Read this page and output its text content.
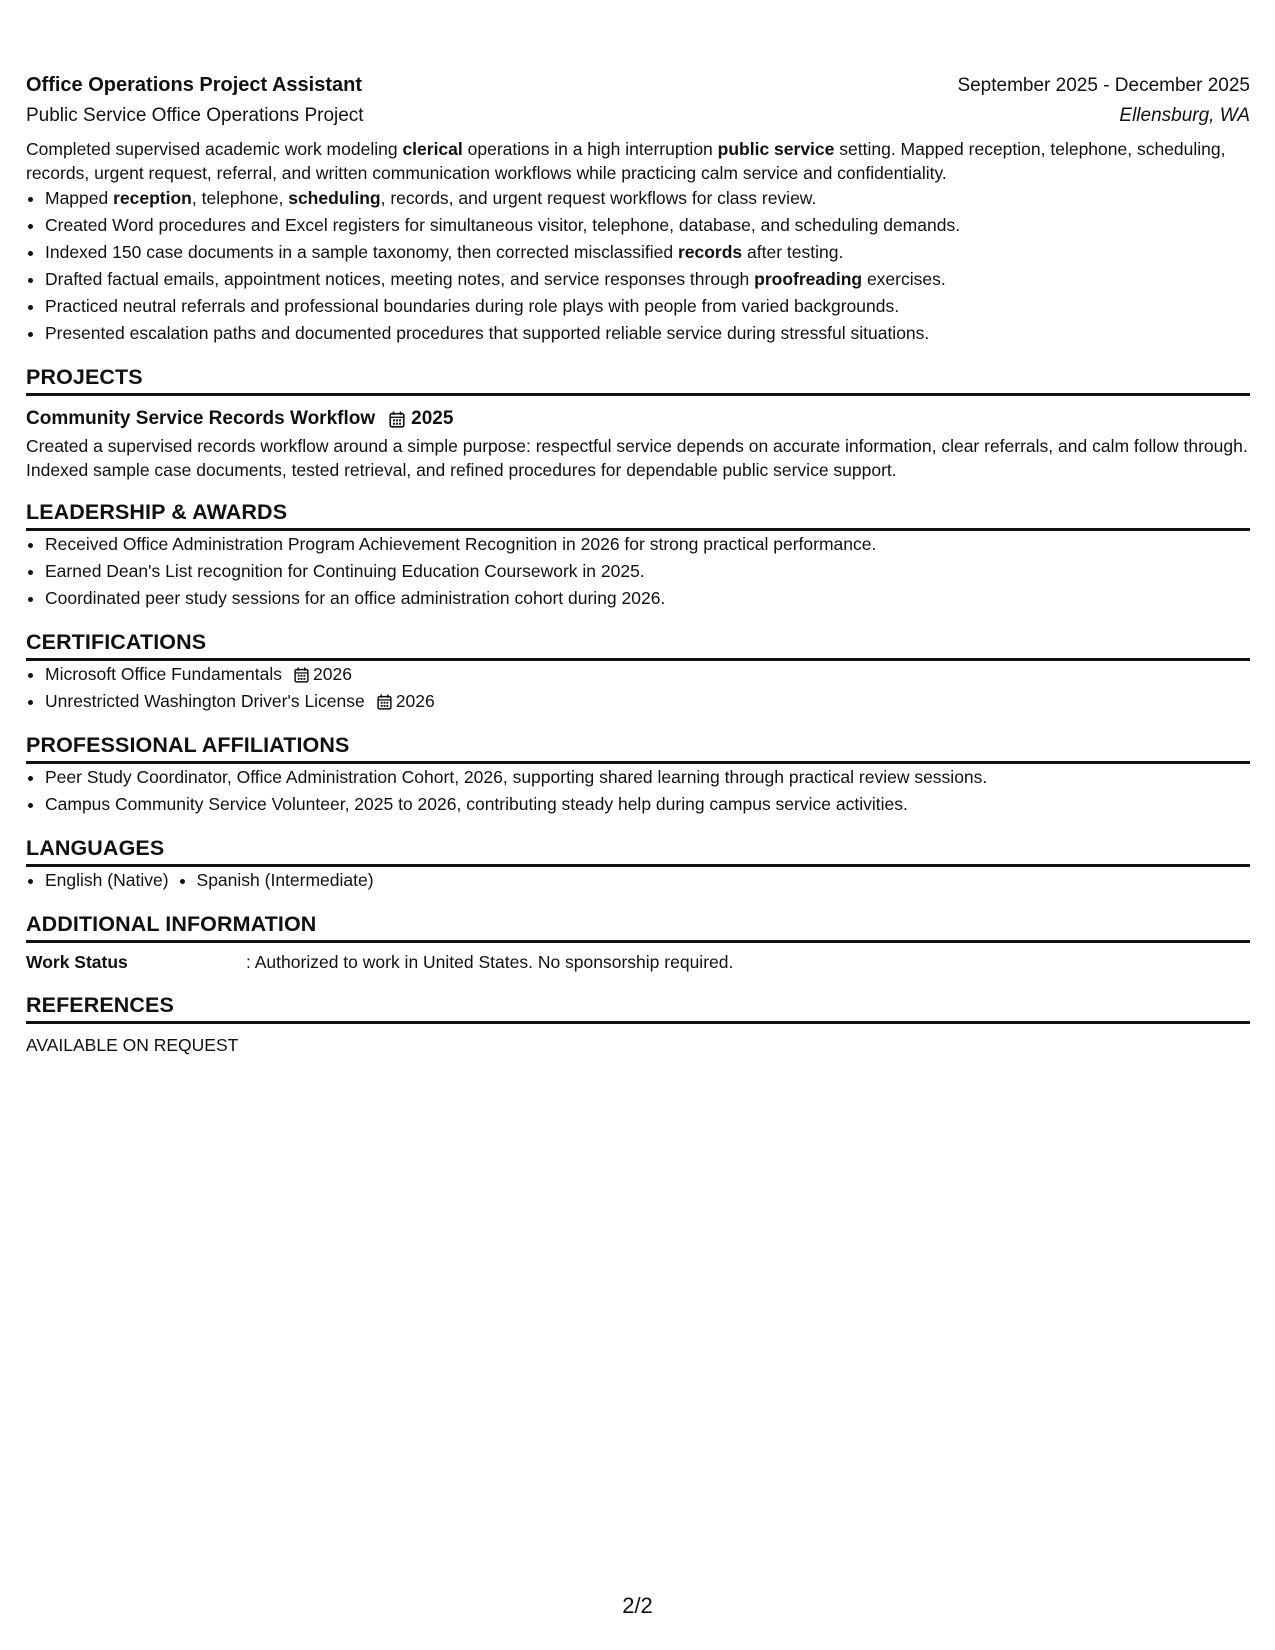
Office Operations Project Assistant	September 2025 - December 2025
Public Service Office Operations Project	Ellensburg, WA

Completed supervised academic work modeling clerical operations in a high interruption public service setting. Mapped reception, telephone, scheduling, records, urgent request, referral, and written communication workflows while practicing calm service and confidentiality.

• Mapped reception, telephone, scheduling, records, and urgent request workflows for class review.
• Created Word procedures and Excel registers for simultaneous visitor, telephone, database, and scheduling demands.
• Indexed 150 case documents in a sample taxonomy, then corrected misclassified records after testing.
• Drafted factual emails, appointment notices, meeting notes, and service responses through proofreading exercises.
• Practiced neutral referrals and professional boundaries during role plays with people from varied backgrounds.
• Presented escalation paths and documented procedures that supported reliable service during stressful situations.
PROJECTS
Community Service Records Workflow 2025

Created a supervised records workflow around a simple purpose: respectful service depends on accurate information, clear referrals, and calm follow through. Indexed sample case documents, tested retrieval, and refined procedures for dependable public service support.

LEADERSHIP & AWARDS
• Received Office Administration Program Achievement Recognition in 2026 for strong practical performance.
• Earned Dean's List recognition for Continuing Education Coursework in 2025.
• Coordinated peer study sessions for an office administration cohort during 2026.
CERTIFICATIONS
• Microsoft Office Fundamentals 2026
• Unrestricted Washington Driver's License 2026
PROFESSIONAL AFFILIATIONS
• Peer Study Coordinator, Office Administration Cohort, 2026, supporting shared learning through practical review sessions.
• Campus Community Service Volunteer, 2025 to 2026, contributing steady help during campus service activities.
LANGUAGES
• English (Native)
• Spanish (Intermediate)
ADDITIONAL INFORMATION
Work Status	: Authorized to work in United States. No sponsorship required.
REFERENCES
AVAILABLE ON REQUEST
2/2
